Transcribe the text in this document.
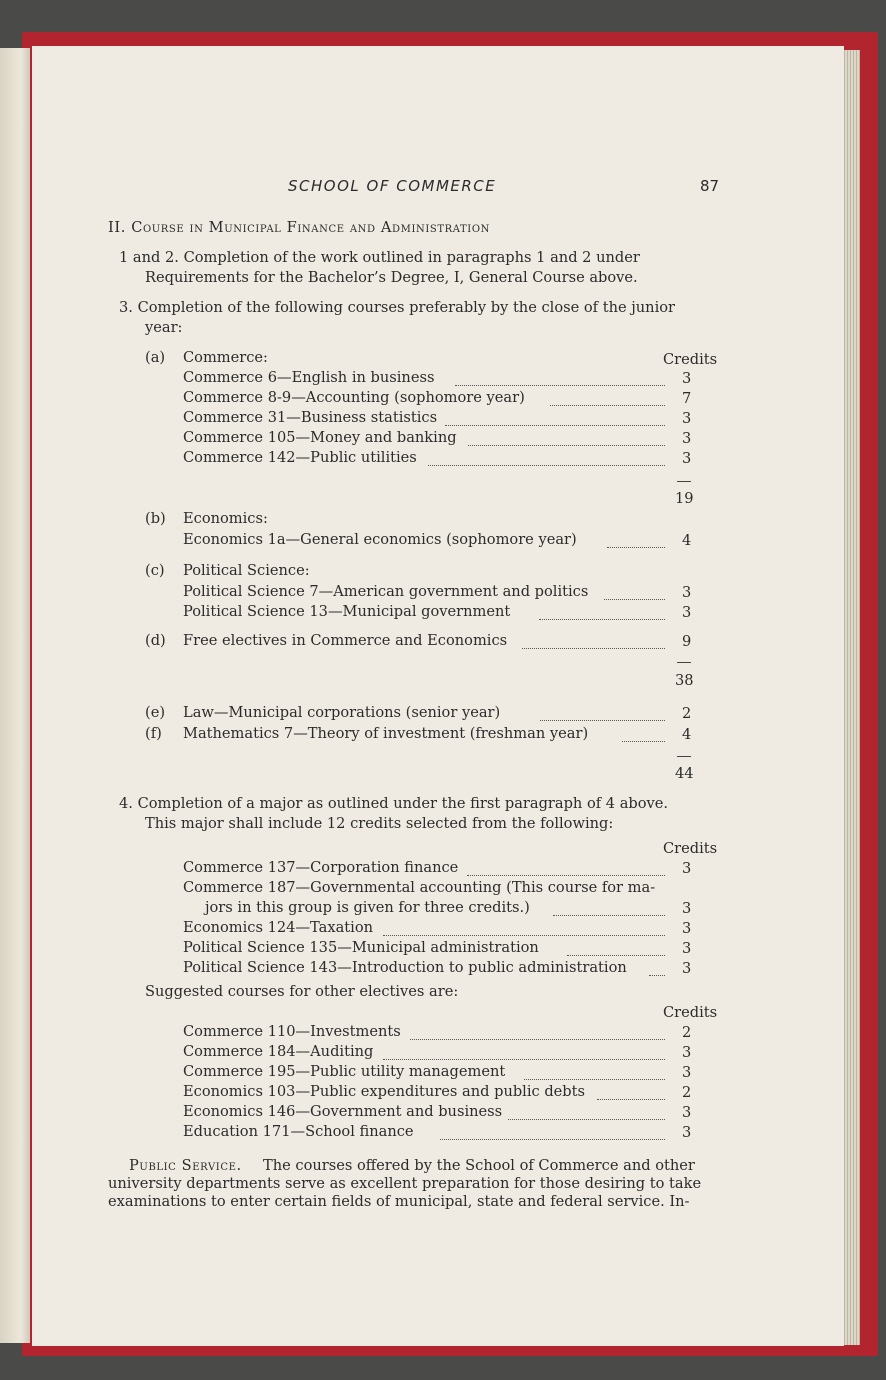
SCHOOL OF COMMERCE	87
II. Course in Municipal Finance and Administration
1 and 2. Completion of the work outlined in paragraphs 1 and 2 under
Requirements for the Bachelor’s Degree, I, General Course above.
3. Completion of the following courses preferably by the close of the junior
year:
(a) Commerce:	Credits
Commerce 6—English in business	3
Commerce 8-9—Accounting (sophomore year)	7
Commerce 31—Business statistics	3
Commerce 105—Money and banking	3
Commerce 142—Public utilities	3
19
(b) Economics:
Economics 1a—General economics (sophomore year)	4
(c) Political Science:
Political Science 7—American government and politics	3
Political Science 13—Municipal government	3
(d) Free electives in Commerce and Economics	9
38
(e) Law—Municipal corporations (senior year)	2
(f) Mathematics 7—Theory of investment (freshman year)	4
44
4. Completion of a major as outlined under the first paragraph of 4 above.
This major shall include 12 credits selected from the following:
Credits
Commerce 137—Corporation finance	3
Commerce 187—Governmental accounting (This course for ma-
jors in this group is given for three credits.)	3
Economics 124—Taxation	3
Political Science 135—Municipal administration	3
Political Science 143—Introduction to public administration	3
Suggested courses for other electives are:
Credits
Commerce 110—Investments	2
Commerce 184—Auditing	3
Commerce 195—Public utility management	3
Economics 103—Public expenditures and public debts	2
Economics 146—Government and business	3
Education 171—School finance	3
Public Service. The courses offered by the School of Commerce and other
university departments serve as excellent preparation for those desiring to take
examinations to enter certain fields of municipal, state and federal service. In-
